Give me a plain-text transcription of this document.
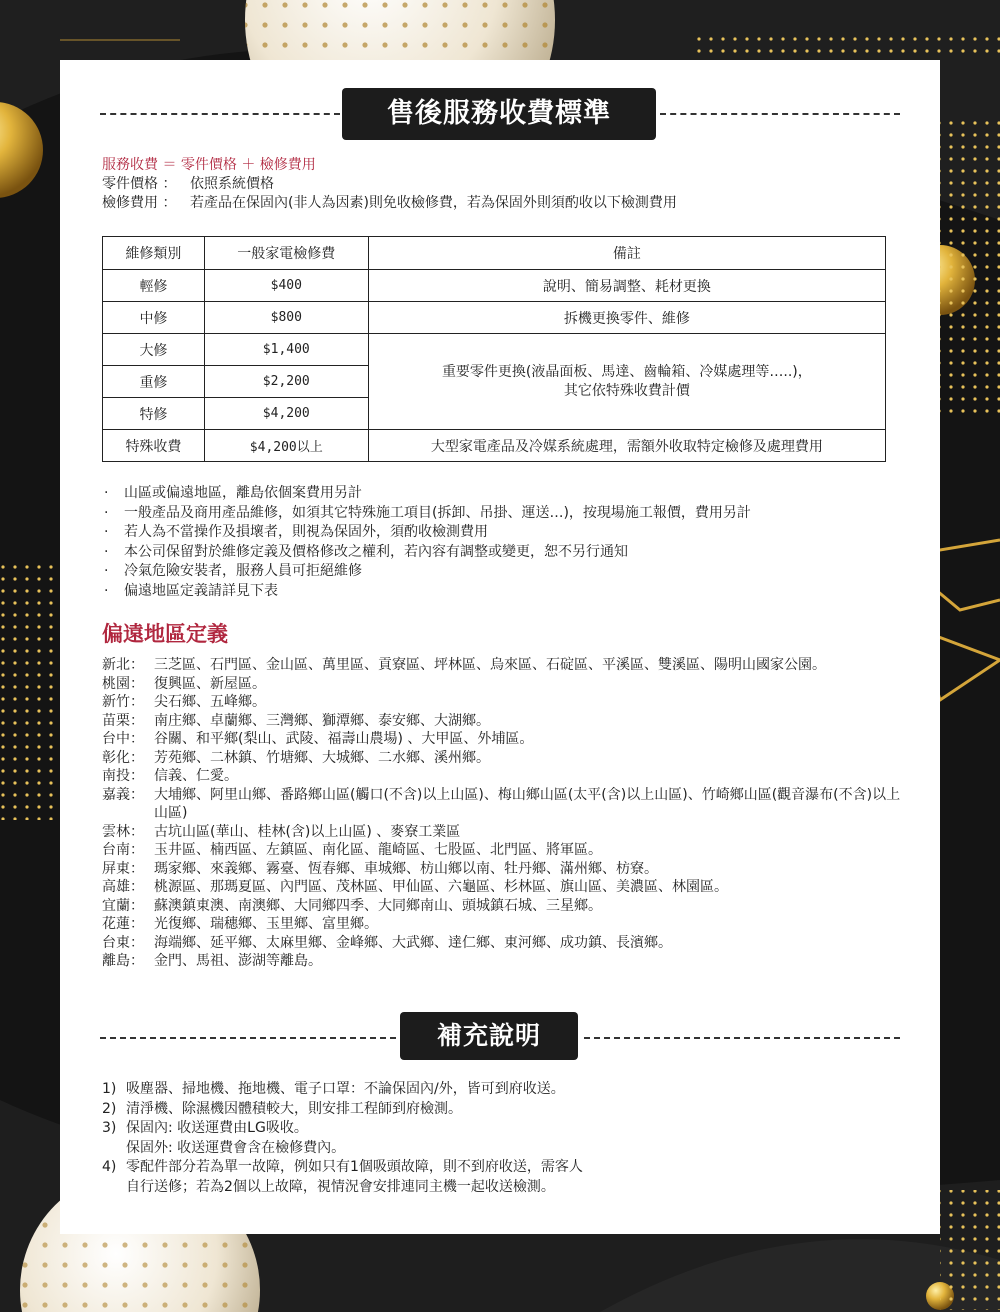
售後服務收費標準
服務收費 ＝ 零件價格 ＋ 檢修費用
零件價格 ： 依照系統價格
檢修費用 ： 若產品在保固內(非人為因素)則免收檢修費，若為保固外則須酌收以下檢測費用
維修類別	一般家電檢修費	備註
輕修	$400	說明、簡易調整、耗材更換
中修	$800	拆機更換零件、維修
大修	$1,400	重要零件更換(液晶面板、馬達、齒輪箱、冷媒處理等…..)，
其它依特殊收費計價

重修	$2,200	
特修	$4,200	
特殊收費	$4,200以上	大型家電產品及冷媒系統處理，需額外收取特定檢修及處理費用
· 山區或偏遠地區，離島依個案費用另計
· 一般產品及商用產品維修，如須其它特殊施工項目(拆卸、吊掛、運送…)，按現場施工報價，費用另計
· 若人為不當操作及損壞者，則視為保固外，須酌收檢測費用
· 本公司保留對於維修定義及價格修改之權利，若內容有調整或變更，恕不另行通知
· 冷氣危險安裝者，服務人員可拒絕維修
· 偏遠地區定義請詳見下表
偏遠地區定義
新北： 三芝區、石門區、金山區、萬里區、貢寮區、坪林區、烏來區、石碇區、平溪區、雙溪區、陽明山國家公園。
桃園： 復興區、新屋區。
新竹： 尖石鄉、五峰鄉。
苗栗： 南庄鄉、卓蘭鄉、三灣鄉、獅潭鄉、泰安鄉、大湖鄉。
台中： 谷關、和平鄉(梨山、武陵、福壽山農場) 、大甲區、外埔區。
彰化： 芳苑鄉、二林鎮、竹塘鄉、大城鄉、二水鄉、溪州鄉。
南投： 信義、仁愛。
嘉義： 大埔鄉、阿里山鄉、番路鄉山區(觸口(不含)以上山區)、梅山鄉山區(太平(含)以上山區)、竹崎鄉山區(觀音瀑布(不含)以上山區)
雲林： 古坑山區(華山、桂林(含)以上山區) 、麥寮工業區
台南： 玉井區、楠西區、左鎮區、南化區、龍崎區、七股區、北門區、將軍區。
屏東： 瑪家鄉、來義鄉、霧臺、恆春鄉、車城鄉、枋山鄉以南、牡丹鄉、滿州鄉、枋寮。
高雄： 桃源區、那瑪夏區、內門區、茂林區、甲仙區、六龜區、杉林區、旗山區、美濃區、林園區。
宜蘭： 蘇澳鎮東澳、南澳鄉、大同鄉四季、大同鄉南山、頭城鎮石城、三星鄉。
花蓮： 光復鄉、瑞穗鄉、玉里鄉、富里鄉。
台東： 海端鄉、延平鄉、太麻里鄉、金峰鄉、大武鄉、達仁鄉、東河鄉、成功鎮、長濱鄉。
離島： 金門、馬祖、澎湖等離島。
補充說明
1) 吸塵器、掃地機、拖地機、電子口罩：不論保固內/外，皆可到府收送。
2) 清淨機、除濕機因體積較大，則安排工程師到府檢測。
3) 保固內: 收送運費由LG吸收。
保固外: 收送運費會含在檢修費內。
4) 零配件部分若為單一故障，例如只有1個吸頭故障，則不到府收送，需客人
自行送修；若為2個以上故障，視情況會安排連同主機一起收送檢測。
